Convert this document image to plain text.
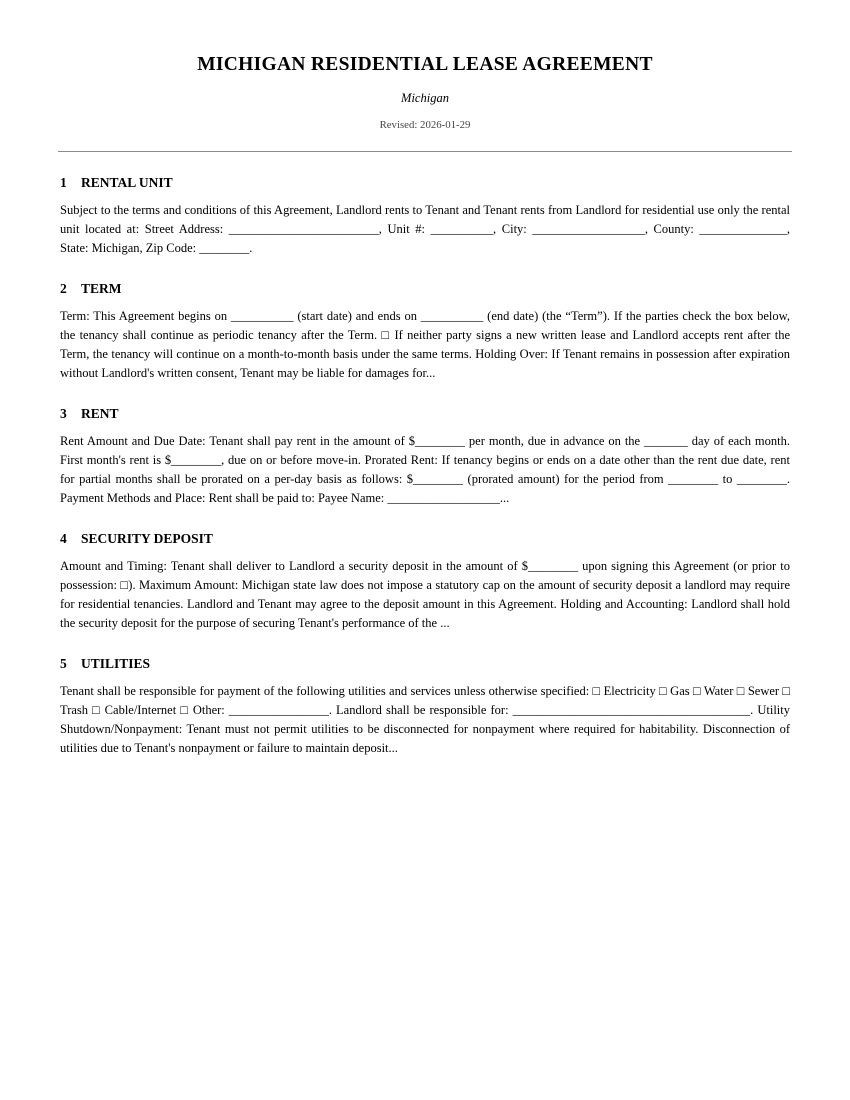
MICHIGAN RESIDENTIAL LEASE AGREEMENT
Michigan
Revised: 2026-01-29
1 RENTAL UNIT

Subject to the terms and conditions of this Agreement, Landlord rents to Tenant and Tenant rents from Landlord for residential use only the rental unit located at: Street Address: ________________________, Unit #: __________, City: __________________, County: ______________, State: Michigan, Zip Code: ________.

2 TERM

Term: This Agreement begins on __________ (start date) and ends on __________ (end date) (the “Term”). If the parties check the box below, the tenancy shall continue as periodic tenancy after the Term. □ If neither party signs a new written lease and Landlord accepts rent after the Term, the tenancy will continue on a month-to-month basis under the same terms. Holding Over: If Tenant remains in possession after expiration without Landlord's written consent, Tenant may be liable for damages for...

3 RENT

Rent Amount and Due Date: Tenant shall pay rent in the amount of $________ per month, due in advance on the _______ day of each month. First month's rent is $________, due on or before move-in. Prorated Rent: If tenancy begins or ends on a date other than the rent due date, rent for partial months shall be prorated on a per-day basis as follows: $________ (prorated amount) for the period from ________ to ________. Payment Methods and Place: Rent shall be paid to: Payee Name: __________________...

4 SECURITY DEPOSIT

Amount and Timing: Tenant shall deliver to Landlord a security deposit in the amount of $________ upon signing this Agreement (or prior to possession: □). Maximum Amount: Michigan state law does not impose a statutory cap on the amount of security deposit a landlord may require for residential tenancies. Landlord and Tenant may agree to the deposit amount in this Agreement. Holding and Accounting: Landlord shall hold the security deposit for the purpose of securing Tenant's performance of the ...

5 UTILITIES

Tenant shall be responsible for payment of the following utilities and services unless otherwise specified: □ Electricity □ Gas □ Water □ Sewer □ Trash □ Cable/Internet □ Other: ________________. Landlord shall be responsible for: ______________________________________. Utility Shutdown/Nonpayment: Tenant must not permit utilities to be disconnected for nonpayment where required for habitability. Disconnection of utilities due to Tenant's nonpayment or failure to maintain deposit...
